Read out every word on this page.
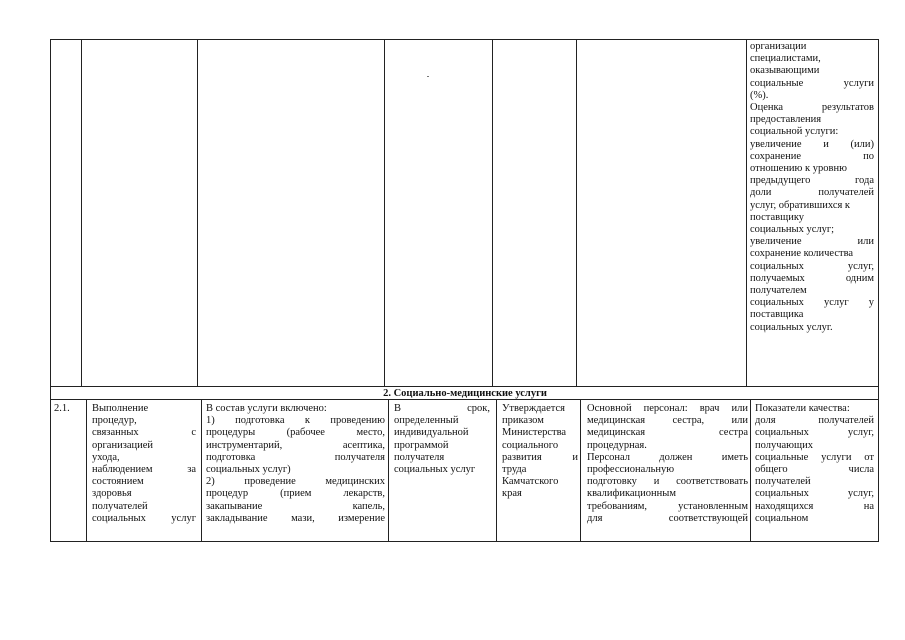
организации

специалистами,

оказывающими

социальные услуги

(%).

Оценка результатов

предоставления

социальной услуги:

увеличение и (или)

сохранение по

отношению к уровню

предыдущего года

доли получателей

услуг, обратившихся к

поставщику

социальных услуг;

увеличение или

сохранение количества

социальных услуг,

получаемых одним

получателем

социальных услуг у

поставщика

социальных услуг.

2. Социально-медицинские услуги

2.1.	Выполнение

процедур,

связанных с

организацией

ухода,

наблюдением за

состоянием

здоровья

получателей

социальных услуг

В состав услуги включено:

1) подготовка к проведению

процедуры (рабочее место,

инструментарий, асептика,

подготовка получателя

социальных услуг)

2) проведение медицинских

процедур (прием лекарств,

закапывание капель,

закладывание мази, измерение

В срок,

определенный

индивидуальной

программой

получателя

социальных услуг

Утверждается

приказом

Министерства

социального

развития и

труда

Камчатского

края

Основной персонал: врач или

медицинская сестра, или

медицинская сестра

процедурная.

Персонал должен иметь

профессиональную

подготовку и соответствовать

квалификационным

требованиям, установленным

для соответствующей

Показатели качества:

доля получателей

социальных услуг,

получающих

социальные услуги от

общего числа

получателей

социальных услуг,

находящихся на

социальном
